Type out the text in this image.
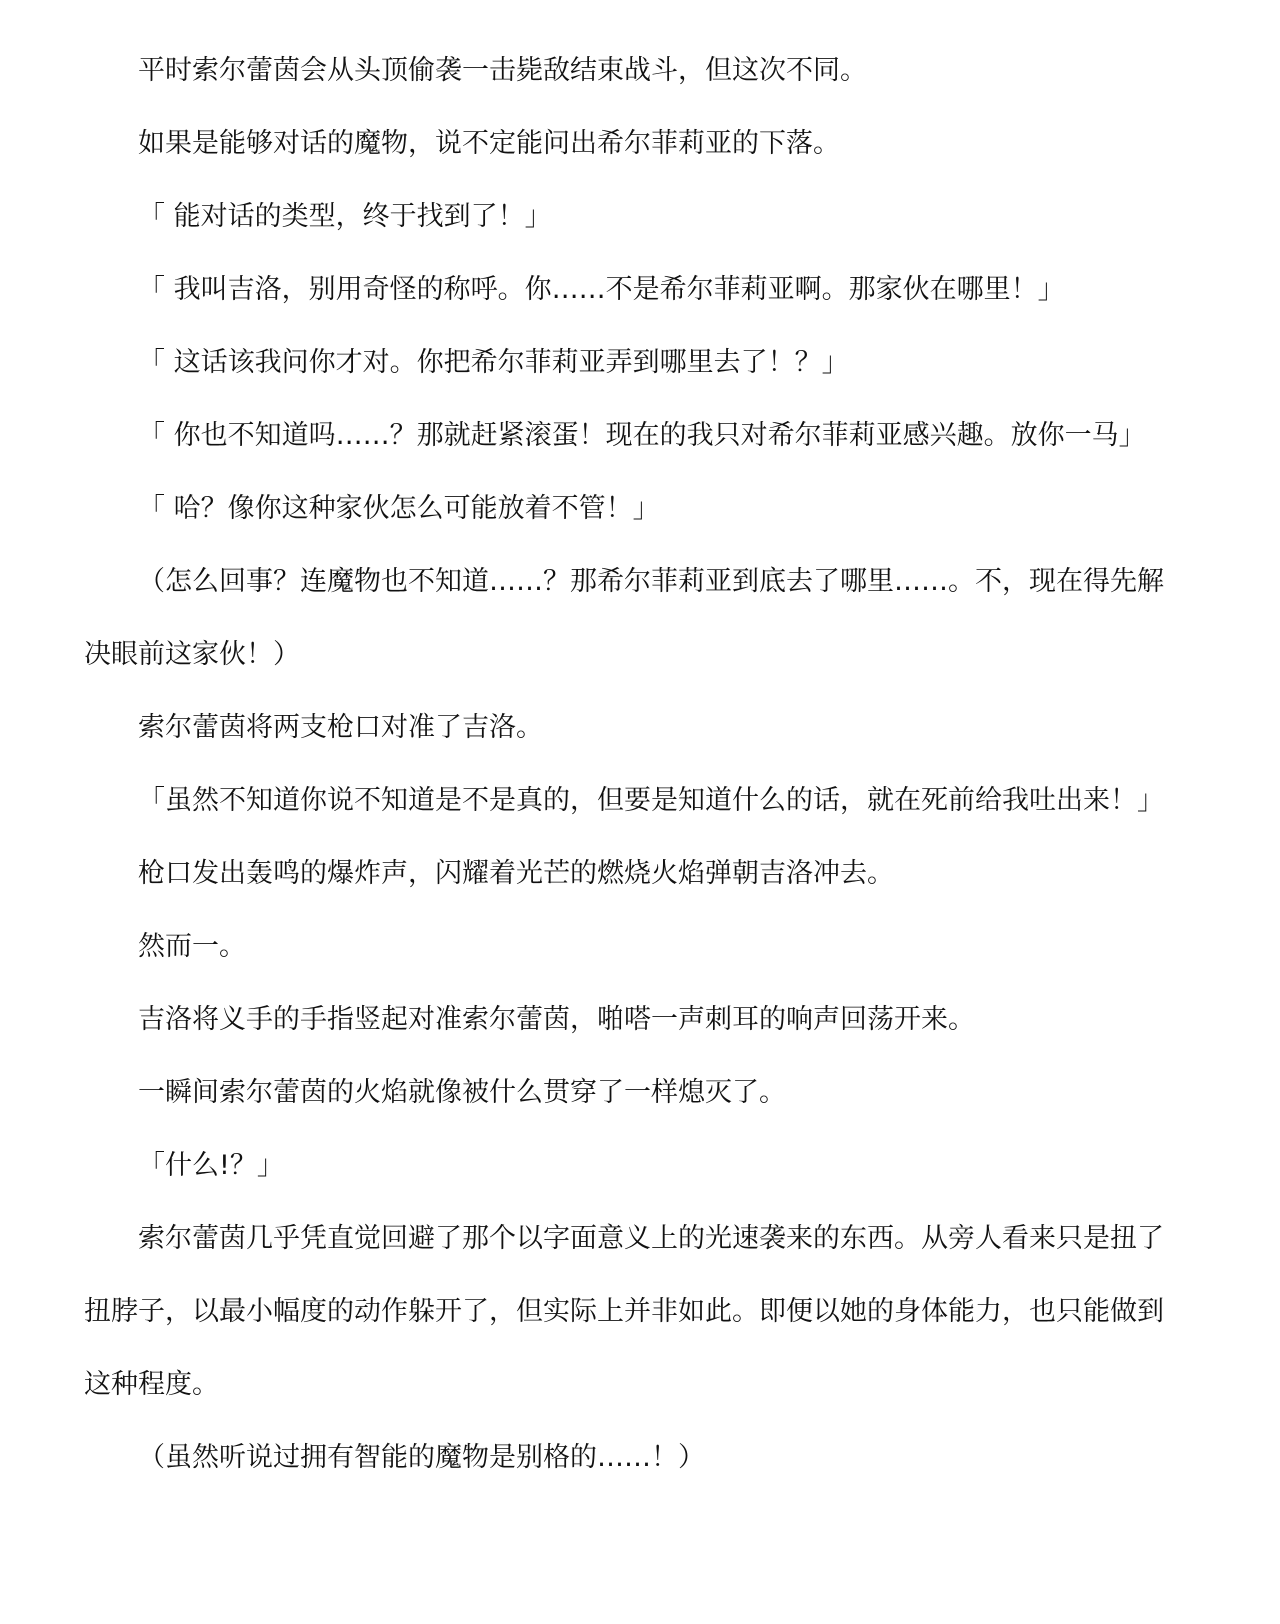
平时索尔蕾茵会从头顶偷袭一击毙敌结束战斗，但这次不同。

如果是能够对话的魔物，说不定能问出希尔菲莉亚的下落。

「 能对话的类型，终于找到了！」

「 我叫吉洛，别用奇怪的称呼。你……不是希尔菲莉亚啊。那家伙在哪里！」

「 这话该我问你才对。你把希尔菲莉亚弄到哪里去了！？」

「 你也不知道吗……？那就赶紧滚蛋！现在的我只对希尔菲莉亚感兴趣。放你一马」

「 哈？像你这种家伙怎么可能放着不管！」

（怎么回事？连魔物也不知道……？那希尔菲莉亚到底去了哪里……。不，现在得先解决眼前这家伙！）

索尔蕾茵将两支枪口对准了吉洛。

「虽然不知道你说不知道是不是真的，但要是知道什么的话，就在死前给我吐出来！」

枪口发出轰鸣的爆炸声，闪耀着光芒的燃烧火焰弹朝吉洛冲去。

然而一。

吉洛将义手的手指竖起对准索尔蕾茵，啪嗒一声刺耳的响声回荡开来。

一瞬间索尔蕾茵的火焰就像被什么贯穿了一样熄灭了。

「什么!？」

索尔蕾茵几乎凭直觉回避了那个以字面意义上的光速袭来的东西。从旁人看来只是扭了扭脖子，以最小幅度的动作躲开了，但实际上并非如此。即便以她的身体能力，也只能做到这种程度。

（虽然听说过拥有智能的魔物是别格的……！）
